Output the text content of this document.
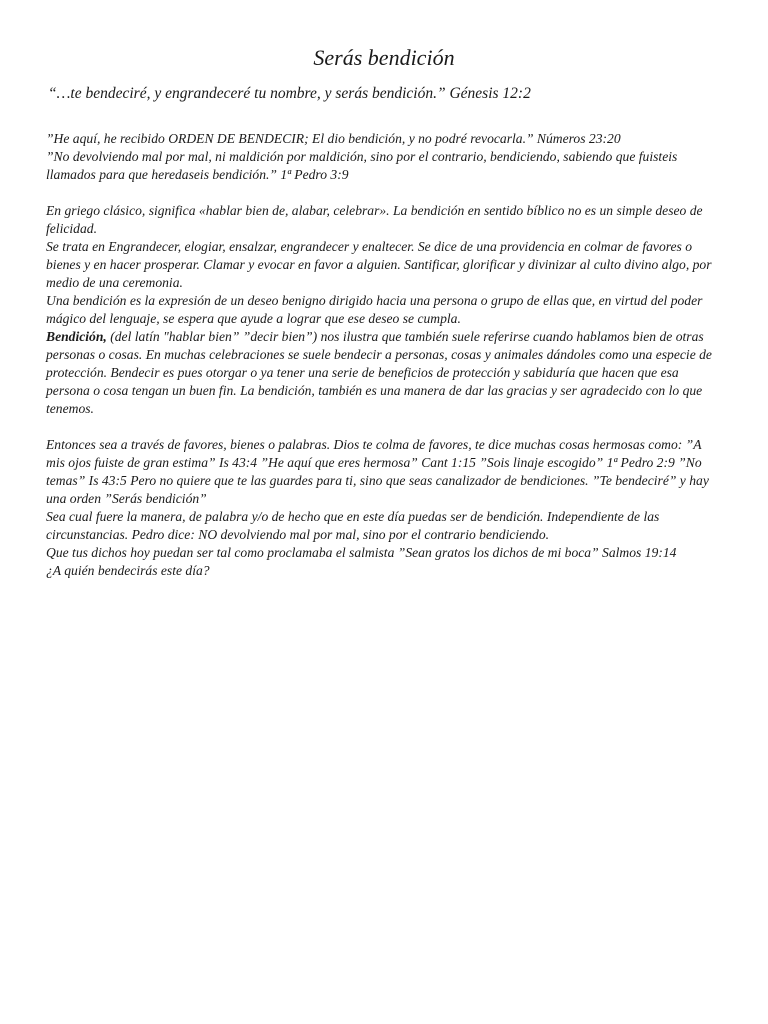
Serás bendición

“…te bendeciré, y engrandeceré tu nombre, y serás bendición.” Génesis 12:2

”He aquí, he recibido ORDEN DE BENDECIR; El dio bendición, y no podré revocarla.” Números 23:20

”No devolviendo mal por mal, ni maldición por maldición, sino por el contrario, bendiciendo, sabiendo que fuisteis llamados para que heredaseis bendición.” 1ª Pedro 3:9

En griego clásico, significa «hablar bien de, alabar, celebrar». La bendición en sentido bíblico no es un simple deseo de felicidad.

Se trata en Engrandecer, elogiar, ensalzar, engrandecer y enaltecer. Se dice de una providencia en colmar de favores o bienes y en hacer prosperar. Clamar y evocar en favor a alguien. Santificar, glorificar y divinizar al culto divino algo, por medio de una ceremonia.

Una bendición es la expresión de un deseo benigno dirigido hacia una persona o grupo de ellas que, en virtud del poder mágico del lenguaje, se espera que ayude a lograr que ese deseo se cumpla.

Bendición, (del latín "hablar bien” ”decir bien”) nos ilustra que también suele referirse cuando hablamos bien de otras personas o cosas. En muchas celebraciones se suele bendecir a personas, cosas y animales dándoles como una especie de protección. Bendecir es pues otorgar o ya tener una serie de beneficios de protección y sabiduría que hacen que esa persona o cosa tengan un buen fin. La bendición, también es una manera de dar las gracias y ser agradecido con lo que tenemos.

Entonces sea a través de favores, bienes o palabras. Dios te colma de favores, te dice muchas cosas hermosas como: ”A mis ojos fuiste de gran estima” Is 43:4 ”He aquí que eres hermosa” Cant 1:15 ”Sois linaje escogido” 1ª Pedro 2:9 ”No temas” Is 43:5 Pero no quiere que te las guardes para ti, sino que seas canalizador de bendiciones. ”Te bendeciré” y hay una orden ”Serás bendición”

Sea cual fuere la manera, de palabra y/o de hecho que en este día puedas ser de bendición. Independiente de las circunstancias. Pedro dice: NO devolviendo mal por mal, sino por el contrario bendiciendo.

Que tus dichos hoy puedan ser tal como proclamaba el salmista ”Sean gratos los dichos de mi boca” Salmos 19:14

¿A quién bendecirás este día?
